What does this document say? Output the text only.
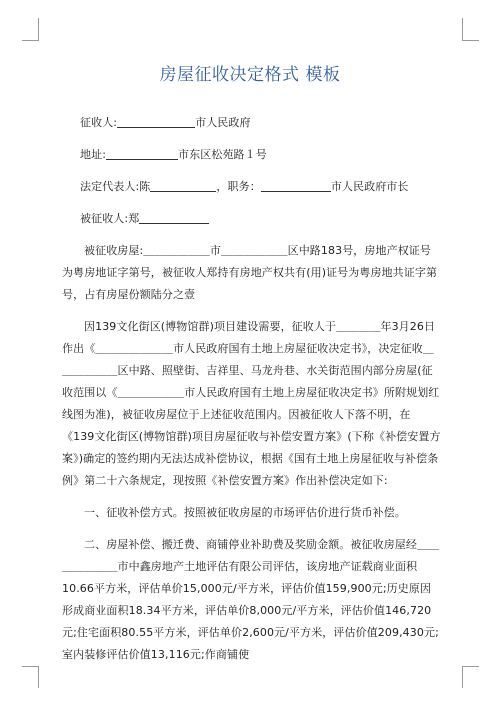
房屋征收决定格式 模板

征收人:	市人民政府

地址:	市东区松苑路１号

法定代表人:陈	，职务：	市人民政府市长

被征收人:郑

被征收房屋:＿＿＿＿＿＿市＿＿＿＿＿＿区中路183号，房地产权证号为粤房地证字第号，被征收人郑持有房地产权共有(用)证号为粤房地共证字第号，占有房屋份额陆分之壹

因139文化街区(博物馆群)项目建设需要，征收人于＿＿＿＿年3月26日作出《＿＿＿＿＿＿＿市人民政府国有土地上房屋征收决定书》，决定征收＿＿＿＿＿＿区中路、照壁街、吉祥里、马龙舟巷、水关街范围内部分房屋(征收范围以《＿＿＿＿＿＿市人民政府国有土地上房屋征收决定书》所附规划红线图为准)，被征收房屋位于上述征收范围内。因被征收人下落不明，在《139文化街区(博物馆群)项目房屋征收与补偿安置方案》(下称《补偿安置方案》)确定的签约期内无法达成补偿协议，根据《国有土地上房屋征收与补偿条例》第二十六条规定，现按照《补偿安置方案》作出补偿决定如下:

一、征收补偿方式。按照被征收房屋的市场评估价进行货币补偿。

二、房屋补偿、搬迁费、商铺停业补助费及奖励金额。被征收房屋经＿＿＿＿＿＿＿市中鑫房地产土地评估有限公司评估，该房地产证载商业面积10.66平方米，评估单价15,000元/平方米，评估价值159,900元;历史原因形成商业面积18.34平方米，评估单价8,000元/平方米，评估价值146,720元;住宅面积80.55平方米，评估单价2,600元/平方米，评估价值209,430元;室内装修评估价值13,116元;作商铺使
